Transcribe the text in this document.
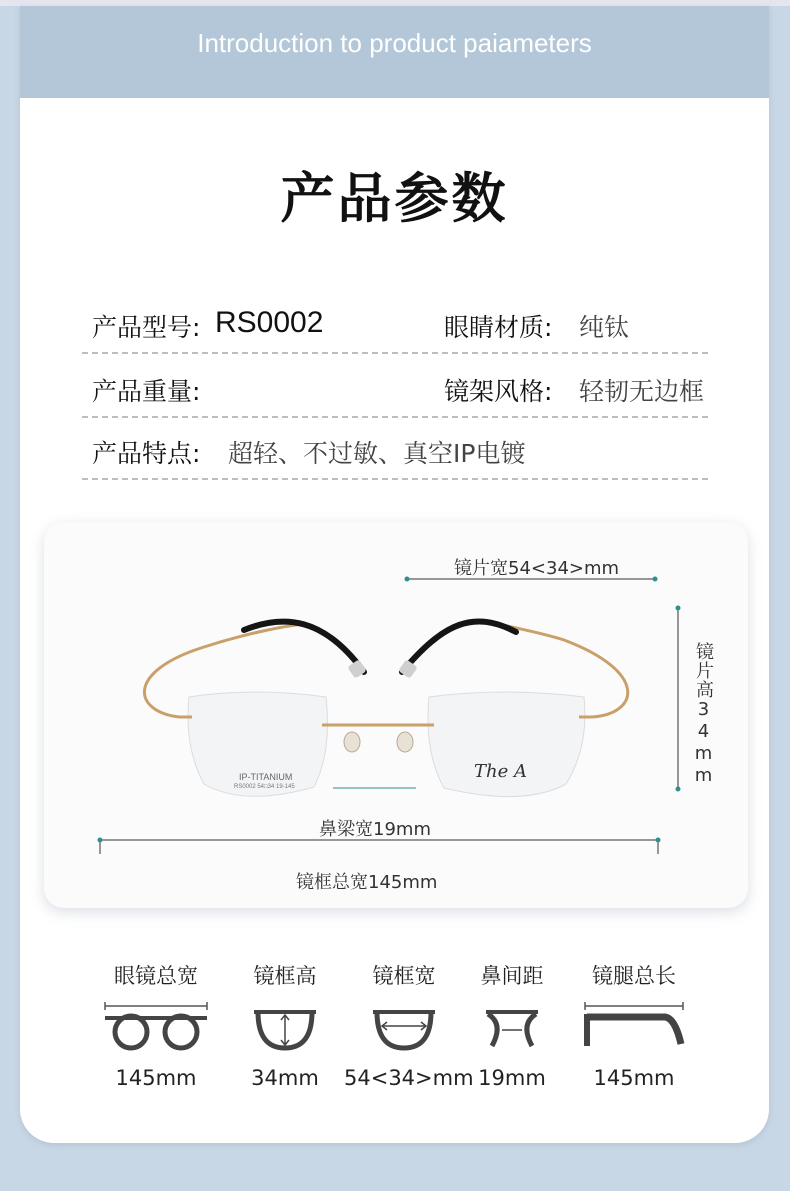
Introduction to product paiameters
产品参数
产品型号: RS0002	眼睛材质: 纯钛
产品重量:	镜架风格: 轻韧无边框
产品特点: 超轻、不过敏、真空IP电镀
IP-TITANIUM
RS0002 54□34 19-145
The A
镜片宽54<34>mm
镜片高34mm
鼻梁宽19mm
镜框总宽145mm
眼镜总宽
145mm
镜框高
34mm
镜框宽
54<34>mm
鼻间距
19mm
镜腿总长
145mm
